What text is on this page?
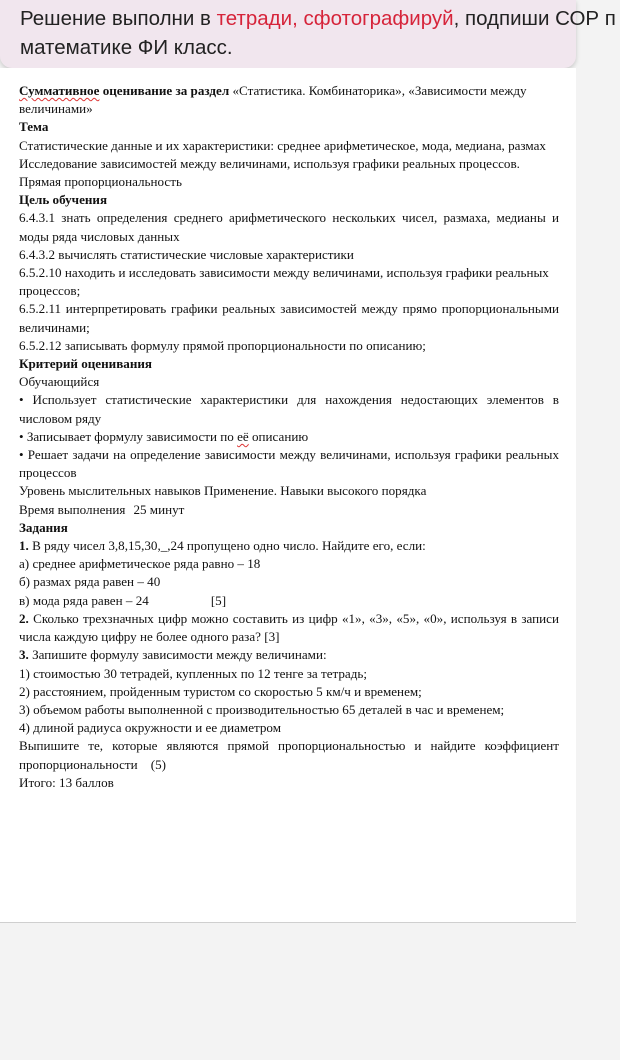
Решение выполни в тетради, сфотографируй, подпиши СОР п
математике ФИ класс.

Суммативное оценивание за раздел «Статистика. Комбинаторика», «Зависимости между

величинами»

Тема

Статистические данные и их характеристики: среднее арифметическое, мода, медиана, размах

Исследование зависимостей между величинами, используя графики реальных процессов.

Прямая пропорциональность

Цель обучения

6.4.3.1 знать определения среднего арифметического нескольких чисел, размаха, медианы и моды ряда числовых данных

6.4.3.2 вычислять статистические числовые характеристики

6.5.2.10 находить и исследовать зависимости между величинами, используя графики реальных процессов;

6.5.2.11 интерпретировать графики реальных зависимостей между прямо пропорциональными величинами;

6.5.2.12 записывать формулу прямой пропорциональности по описанию;

Критерий оценивания

Обучающийся

• Использует статистические характеристики для нахождения недостающих элементов в числовом ряду

• Записывает формулу зависимости по её описанию

• Решает задачи на определение зависимости между величинами, используя графики реальных процессов

Уровень мыслительных навыков Применение. Навыки высокого порядка

Время выполнения 25 минут

Задания

1. В ряду чисел 3,8,15,30,_,24 пропущено одно число. Найдите его, если:

а) среднее арифметическое ряда равно – 18

б) размах ряда равен – 40

в) мода ряда равен – 24	[5]

2. Сколько трехзначных цифр можно составить из цифр «1», «3», «5», «0», используя в записи числа каждую цифру не более одного раза? [3]

3. Запишите формулу зависимости между величинами:

1) стоимостью 30 тетрадей, купленных по 12 тенге за тетрадь;

2) расстоянием, пройденным туристом со скоростью 5 км/ч и временем;

3) объемом работы выполненной с производительностью 65 деталей в час и временем;

4) длиной радиуса окружности и ее диаметром

Выпишите те, которые являются прямой пропорциональностью и найдите коэффициент пропорциональности (5)

Итого: 13 баллов
